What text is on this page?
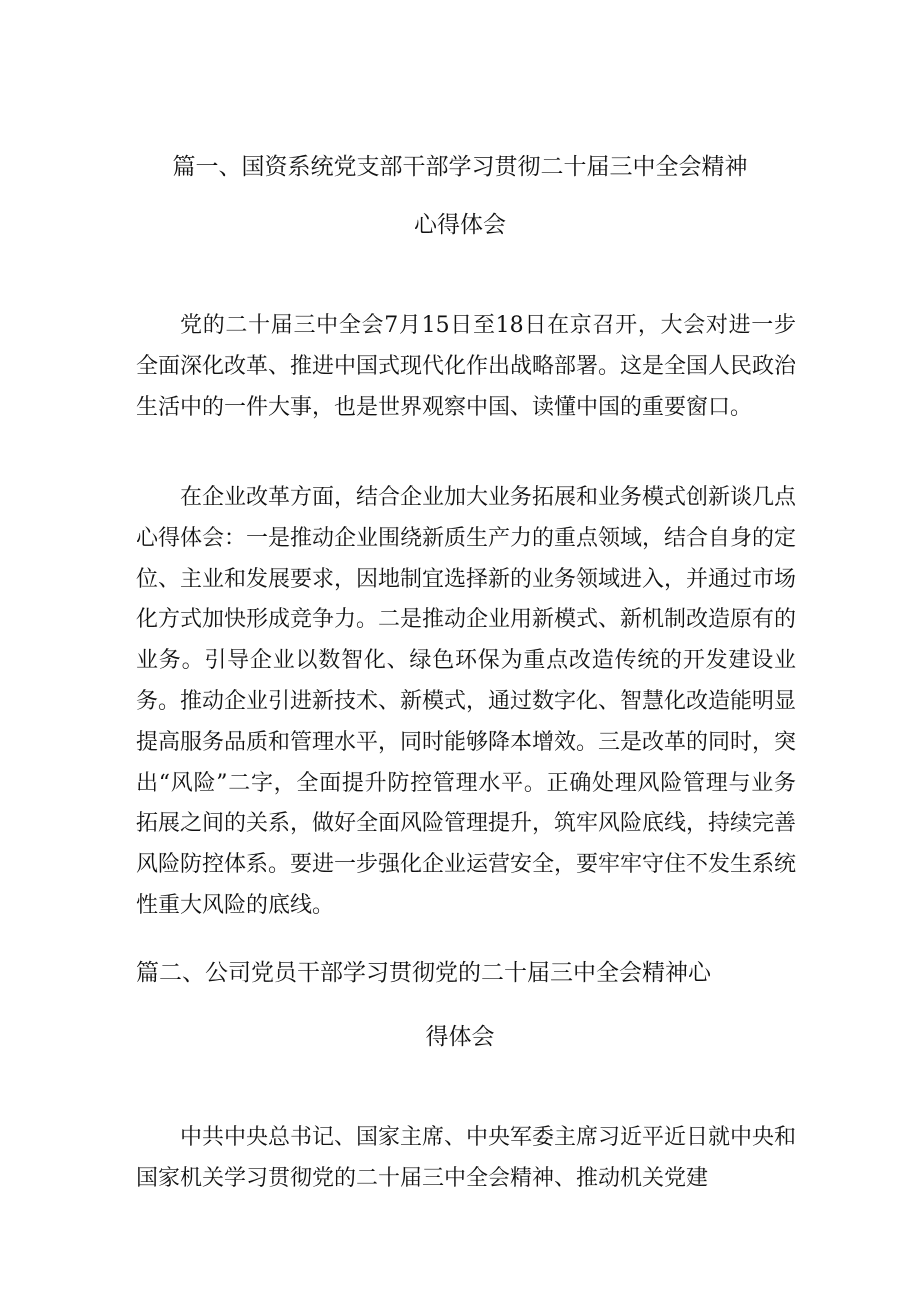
篇一、国资系统党支部干部学习贯彻二十届三中全会精神
心得体会

党的二十届三中全会7月15日至18日在京召开，大会对进一步全面深化改革、推进中国式现代化作出战略部署。这是全国人民政治生活中的一件大事，也是世界观察中国、读懂中国的重要窗口。

在企业改革方面，结合企业加大业务拓展和业务模式创新谈几点心得体会：一是推动企业围绕新质生产力的重点领域，结合自身的定位、主业和发展要求，因地制宜选择新的业务领域进入，并通过市场化方式加快形成竞争力。二是推动企业用新模式、新机制改造原有的业务。引导企业以数智化、绿色环保为重点改造传统的开发建设业务。推动企业引进新技术、新模式，通过数字化、智慧化改造能明显提高服务品质和管理水平，同时能够降本增效。三是改革的同时，突出“风险”二字，全面提升防控管理水平。正确处理风险管理与业务拓展之间的关系，做好全面风险管理提升，筑牢风险底线，持续完善风险防控体系。要进一步强化企业运营安全，要牢牢守住不发生系统性重大风险的底线。

篇二、公司党员干部学习贯彻党的二十届三中全会精神心
得体会

中共中央总书记、国家主席、中央军委主席习近平近日就中央和国家机关学习贯彻党的二十届三中全会精神、推动机关党建
